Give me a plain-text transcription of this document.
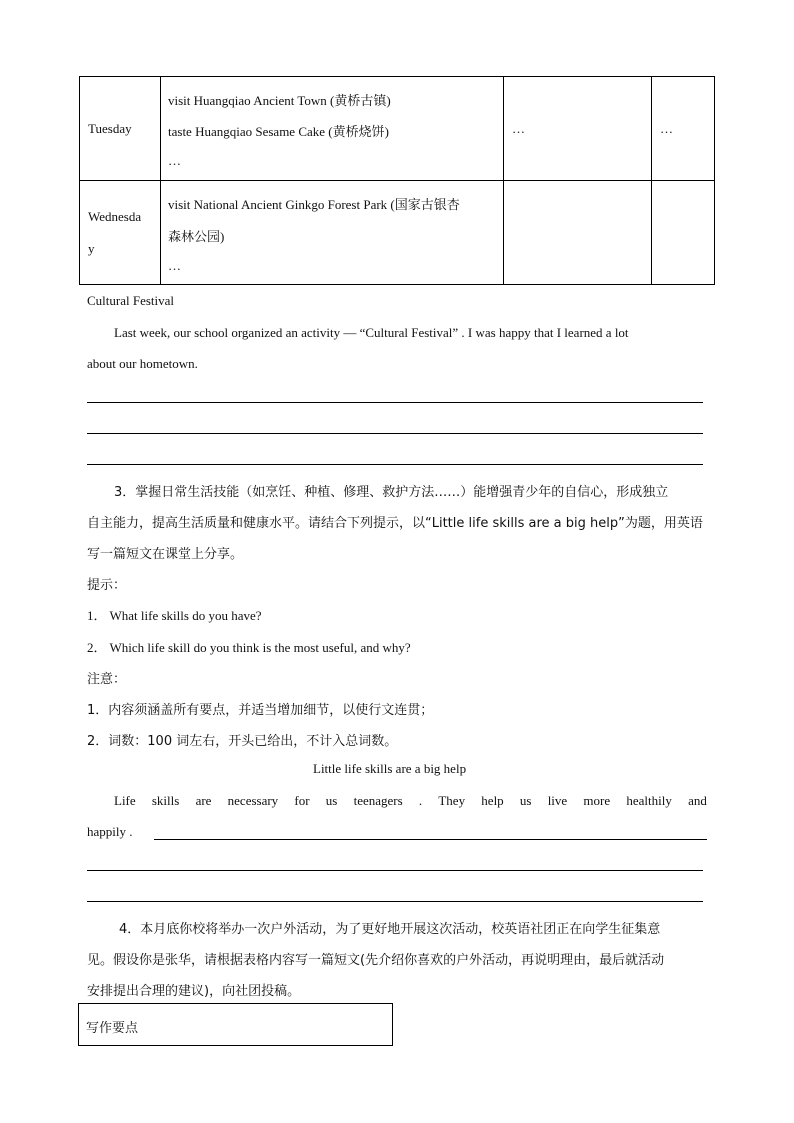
Tuesday
visit Huangqiao Ancient Town (黄桥古镇)
taste Huangqiao Sesame Cake (黄桥烧饼)
…
…	…
Wednesda
y
visit National Ancient Ginkgo Forest Park (国家古银杏
森林公园)
…
Cultural Festival
Last week, our school organized an activity — “Cultural Festival” . I was happy that I learned a lot
about our hometown.
3．掌握日常生活技能（如烹饪、种植、修理、救护方法……）能增强青少年的自信心，形成独立
自主能力，提高生活质量和健康水平。请结合下列提示，以“Little life skills are a big help”为题，用英语
写一篇短文在课堂上分享。
提示：
1． What life skills do you have?
2． Which life skill do you think is the most useful, and why?
注意：
1．内容须涵盖所有要点，并适当增加细节，以使行文连贯；
2．词数：100 词左右，开头已给出，不计入总词数。
Little life skills are a big help
Life skills are necessary for us teenagers . They help us live more healthily and
happily .
4．本月底你校将举办一次户外活动，为了更好地开展这次活动，校英语社团正在向学生征集意
见。假设你是张华，请根据表格内容写一篇短文(先介绍你喜欢的户外活动，再说明理由，最后就活动
安排提出合理的建议)，向社团投稿。
写作要点
